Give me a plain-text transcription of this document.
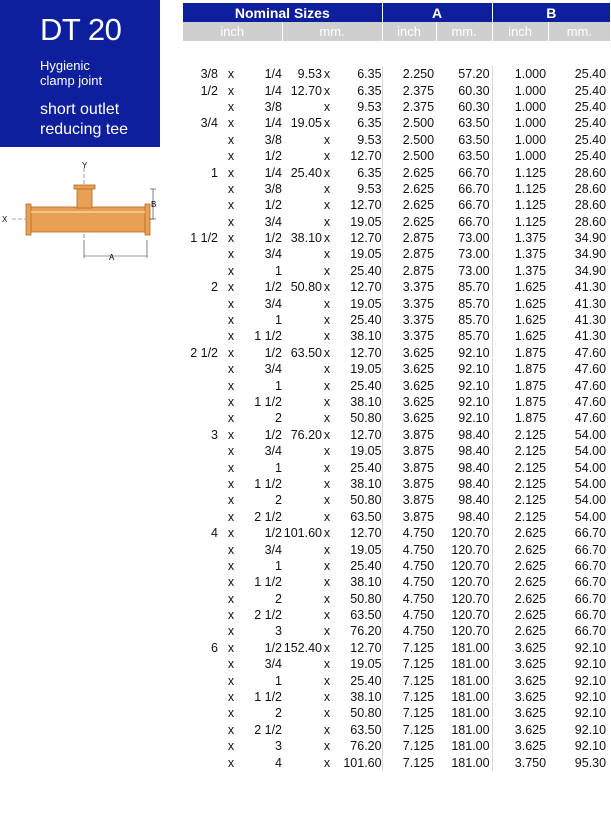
DT 20
Hygienic
clamp joint
short outlet
reducing tee
X
Y
B
A
Nominal Sizes						A		B	
inch			mm.			inch	mm.	inch	mm.

3/8	x	1/4	9.53	x	6.35	2.250	57.20	1.000	25.40
1/2	x	1/4	12.70	x	6.35	2.375	60.30	1.000	25.40
	x	3/8		x	9.53	2.375	60.30	1.000	25.40
3/4	x	1/4	19.05	x	6.35	2.500	63.50	1.000	25.40
	x	3/8		x	9.53	2.500	63.50	1.000	25.40
	x	1/2		x	12.70	2.500	63.50	1.000	25.40
1	x	1/4	25.40	x	6.35	2.625	66.70	1.125	28.60
	x	3/8		x	9.53	2.625	66.70	1.125	28.60
	x	1/2		x	12.70	2.625	66.70	1.125	28.60
	x	3/4		x	19.05	2.625	66.70	1.125	28.60
1 1/2	x	1/2	38.10	x	12.70	2.875	73.00	1.375	34.90
	x	3/4		x	19.05	2.875	73.00	1.375	34.90
	x	1		x	25.40	2.875	73.00	1.375	34.90
2	x	1/2	50.80	x	12.70	3.375	85.70	1.625	41.30
	x	3/4		x	19.05	3.375	85.70	1.625	41.30
	x	1		x	25.40	3.375	85.70	1.625	41.30
	x	1 1/2		x	38.10	3.375	85.70	1.625	41.30
2 1/2	x	1/2	63.50	x	12.70	3.625	92.10	1.875	47.60
	x	3/4		x	19.05	3.625	92.10	1.875	47.60
	x	1		x	25.40	3.625	92.10	1.875	47.60
	x	1 1/2		x	38.10	3.625	92.10	1.875	47.60
	x	2		x	50.80	3.625	92.10	1.875	47.60
3	x	1/2	76.20	x	12.70	3.875	98.40	2.125	54.00
	x	3/4		x	19.05	3.875	98.40	2.125	54.00
	x	1		x	25.40	3.875	98.40	2.125	54.00
	x	1 1/2		x	38.10	3.875	98.40	2.125	54.00
	x	2		x	50.80	3.875	98.40	2.125	54.00
	x	2 1/2		x	63.50	3.875	98.40	2.125	54.00
4	x	1/2	101.60	x	12.70	4.750	120.70	2.625	66.70
	x	3/4		x	19.05	4.750	120.70	2.625	66.70
	x	1		x	25.40	4.750	120.70	2.625	66.70
	x	1 1/2		x	38.10	4.750	120.70	2.625	66.70
	x	2		x	50.80	4.750	120.70	2.625	66.70
	x	2 1/2		x	63.50	4.750	120.70	2.625	66.70
	x	3		x	76.20	4.750	120.70	2.625	66.70
6	x	1/2	152.40	x	12.70	7.125	181.00	3.625	92.10
	x	3/4		x	19.05	7.125	181.00	3.625	92.10
	x	1		x	25.40	7.125	181.00	3.625	92.10
	x	1 1/2		x	38.10	7.125	181.00	3.625	92.10
	x	2		x	50.80	7.125	181.00	3.625	92.10
	x	2 1/2		x	63.50	7.125	181.00	3.625	92.10
	x	3		x	76.20	7.125	181.00	3.625	92.10
	x	4		x	101.60	7.125	181.00	3.750	95.30
